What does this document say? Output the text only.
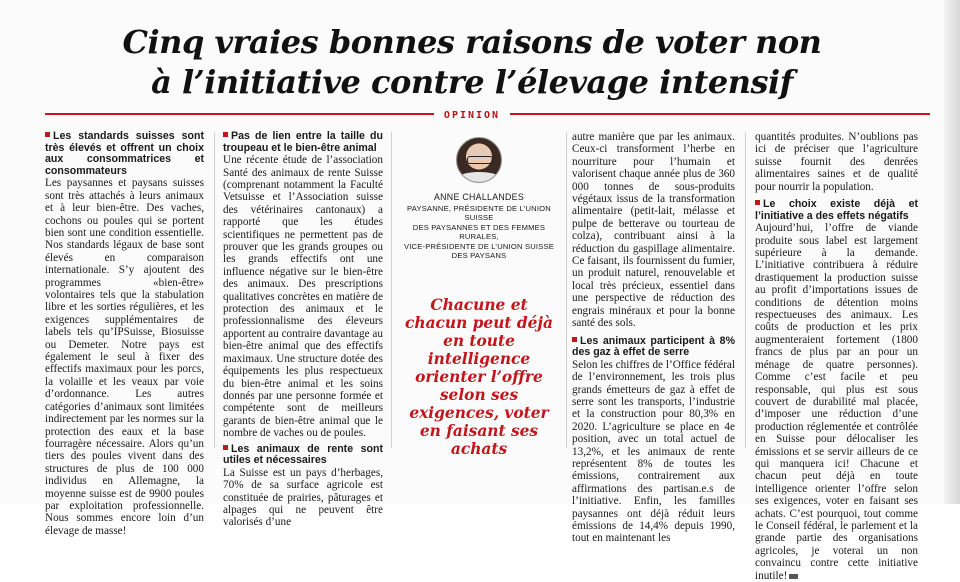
Cinq vraies bonnes raisons de voter non
à l’initiative contre l’élevage intensif
OPINION

Les standards suisses sont très élevés et offrent un choix aux consommatrices et consommateurs

Les paysannes et paysans suisses sont très attachés à leurs animaux et à leur bien-être. Des vaches, cochons ou poules qui se portent bien sont une condition essentielle. Nos standards légaux de base sont élevés en comparaison internationale. S’y ajoutent des programmes «bien-être» volontaires tels que la stabulation libre et les sorties régulières, et les exigences supplémentaires de labels tels qu’IPSuisse, Biosuisse ou Demeter. Notre pays est également le seul à fixer des effectifs maximaux pour les porcs, la volaille et les veaux par voie d’ordonnance. Les autres catégories d’animaux sont limitées indirectement par les normes sur la protection des eaux et la base fourragère nécessaire. Alors qu’un tiers des poules vivent dans des structures de plus de 100 000 individus en Allemagne, la moyenne suisse est de 9900 poules par exploitation professionnelle. Nous sommes encore loin d’un élevage de masse!

Pas de lien entre la taille du troupeau et le bien-être animal

Une récente étude de l’association Santé des animaux de rente Suisse (comprenant notamment la Faculté Vetsuisse et l’Association suisse des vétérinaires cantonaux) a rapporté que les études scientifiques ne permettent pas de prouver que les grands groupes ou les grands effectifs ont une influence négative sur le bien-être des animaux. Des prescriptions qualitatives concrètes en matière de protection des animaux et le professionnalisme des éleveurs apportent au contraire davantage au bien-être animal que des effectifs maximaux. Une structure dotée des équipements les plus respectueux du bien-être animal et les soins donnés par une personne formée et compétente sont de meilleurs garants de bien-être animal que le nombre de vaches ou de poules.

Les animaux de rente sont utiles et nécessaires

La Suisse est un pays d’herbages, 70% de sa surface agricole est constituée de prairies, pâturages et alpages qui ne peuvent être valorisés d’une

ANNE CHALLANDES
PAYSANNE, PRÉSIDENTE DE L’UNION SUISSE
DES PAYSANNES ET DES FEMMES RURALES,
VICE-PRÉSIDENTE DE L’UNION SUISSE
DES PAYSANS
Chacune et chacun peut déjà en toute intelligence orienter l’offre selon ses exigences, voter en faisant ses achats

autre manière que par les animaux. Ceux-ci transforment l’herbe en nourriture pour l’humain et valorisent chaque année plus de 360 000 tonnes de sous-produits végétaux issus de la transformation alimentaire (petit-lait, mélasse et pulpe de betterave ou tourteau de colza), contribuant ainsi à la réduction du gaspillage alimentaire. Ce faisant, ils fournissent du fumier, un produit naturel, renouvelable et local très précieux, essentiel dans une perspective de réduction des engrais minéraux et pour la bonne santé des sols.

Les animaux participent à 8% des gaz à effet de serre

Selon les chiffres de l’Office fédéral de l’environnement, les trois plus grands émetteurs de gaz à effet de serre sont les transports, l’industrie et la construction pour 80,3% en 2020. L’agriculture se place en 4e position, avec un total actuel de 13,2%, et les animaux de rente représentent 8% de toutes les émissions, contrairement aux affirmations des partisan.e.s de l’initiative. Enfin, les familles paysannes ont déjà réduit leurs émissions de 14,4% depuis 1990, tout en maintenant les

quantités produites. N’oublions pas ici de préciser que l’agriculture suisse fournit des denrées alimentaires saines et de qualité pour nourrir la population.

Le choix existe déjà et l’initiative a des effets négatifs

Aujourd’hui, l’offre de viande produite sous label est largement supérieure à la demande. L’initiative contribuera à réduire drastiquement la production suisse au profit d’importations issues de conditions de détention moins respectueuses des animaux. Les coûts de production et les prix augmenteraient fortement (1800 francs de plus par an pour un ménage de quatre personnes). Comme c’est facile et peu responsable, qui plus est sous couvert de durabilité mal placée, d’imposer une réduction d’une production réglementée et contrôlée en Suisse pour délocaliser les émissions et se servir ailleurs de ce qui manquera ici! Chacune et chacun peut déjà en toute intelligence orienter l’offre selon ses exigences, voter en faisant ses achats. C’est pourquoi, tout comme le Conseil fédéral, le parlement et la grande partie des organisations agricoles, je voterai un non convaincu contre cette initiative inutile!
